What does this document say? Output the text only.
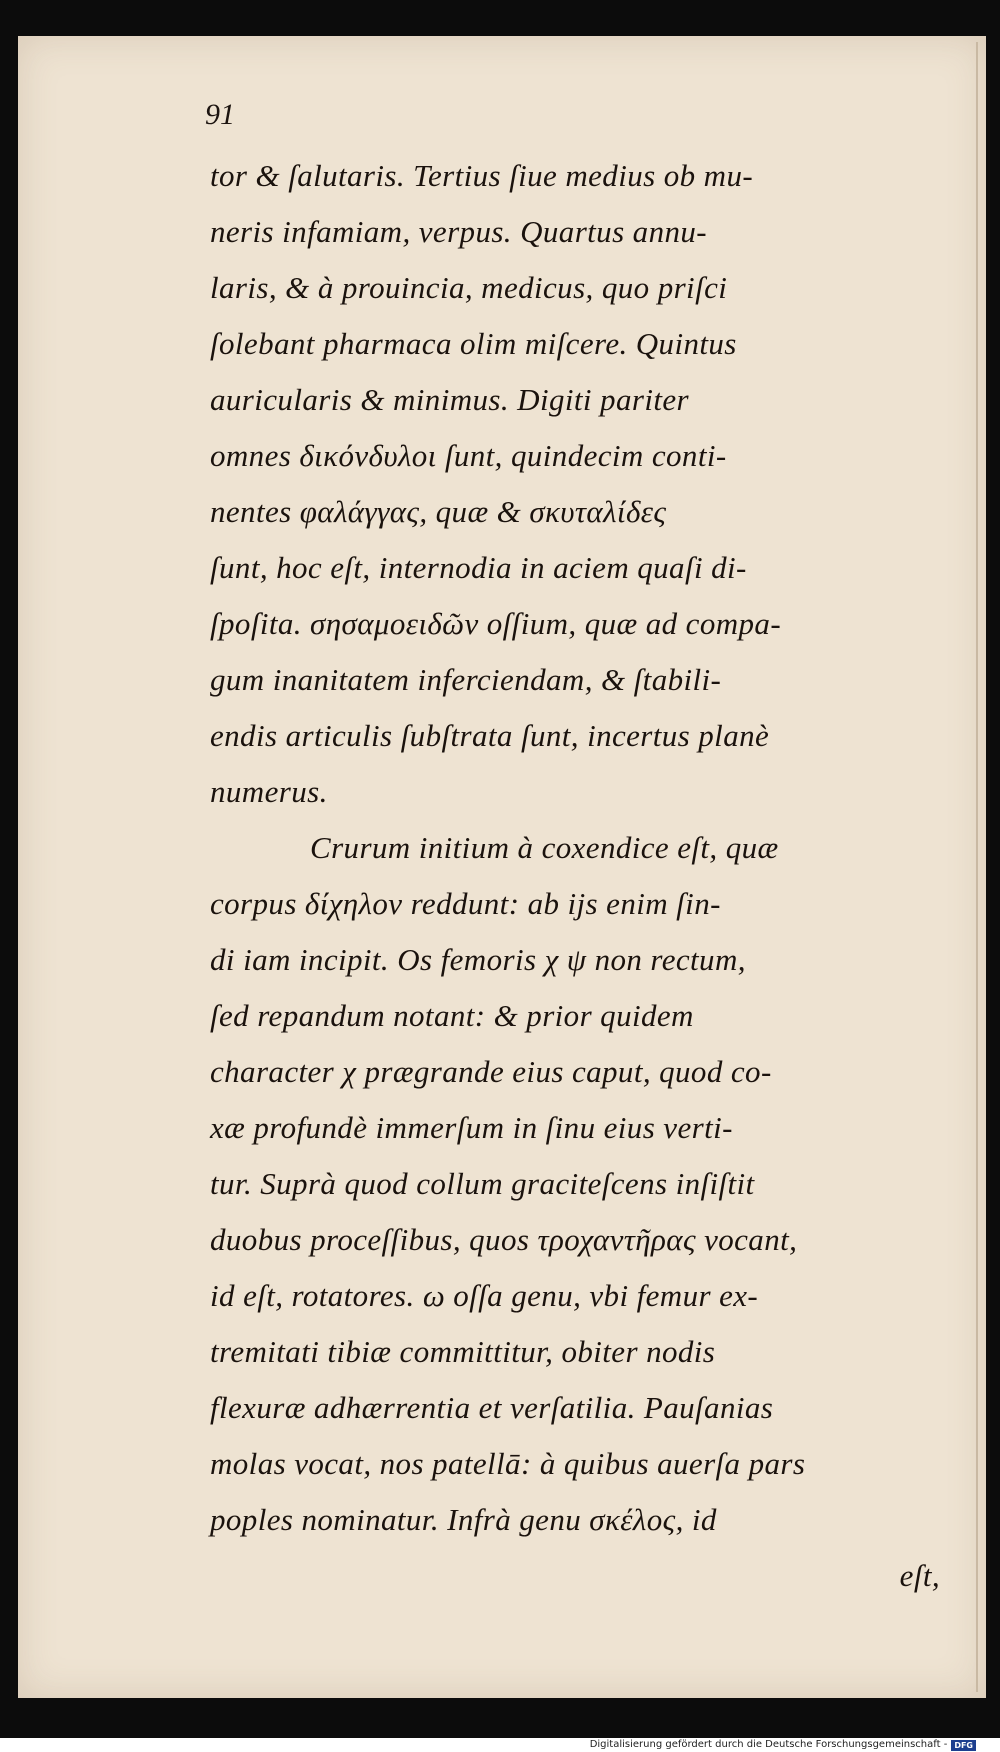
91
tor & ſalutaris. Tertius ſiue medius ob mu-
neris infamiam, verpus. Quartus annu-
laris, & à prouincia, medicus, quo priſci
ſolebant pharmaca olim miſcere. Quintus
auricularis & minimus. Digiti pariter
omnes δικόνδυλοι ſunt, quindecim conti-
nentes φαλάγγας, quæ & σκυταλίδες
ſunt, hoc eſt, internodia in aciem quaſi di-
ſpoſita. σησαμοειδῶν oſſium, quæ ad compa-
gum inanitatem inferciendam, & ſtabili-
endis articulis ſubſtrata ſunt, incertus planè
numerus.
Crurum initium à coxendice eſt, quæ
corpus δίχηλον reddunt: ab ijs enim ſin-
di iam incipit. Os femoris χ ψ non rectum,
ſed repandum notant: & prior quidem
character χ prægrande eius caput, quod co-
xæ profundè immerſum in ſinu eius verti-
tur. Suprà quod collum graciteſcens inſiſtit
duobus proceſſibus, quos τροχαντῆρας vocant,
id eſt, rotatores. ω oſſa genu, vbi femur ex-
tremitati tibiæ committitur, obiter nodis
flexuræ adhærrentia et verſatilia. Pauſanias
molas vocat, nos patellā: à quibus auerſa pars
poples nominatur. Infrà genu σκέλος, id
eſt,
Digitalisierung gefördert durch die Deutsche Forschungsgemeinschaft - DFG
